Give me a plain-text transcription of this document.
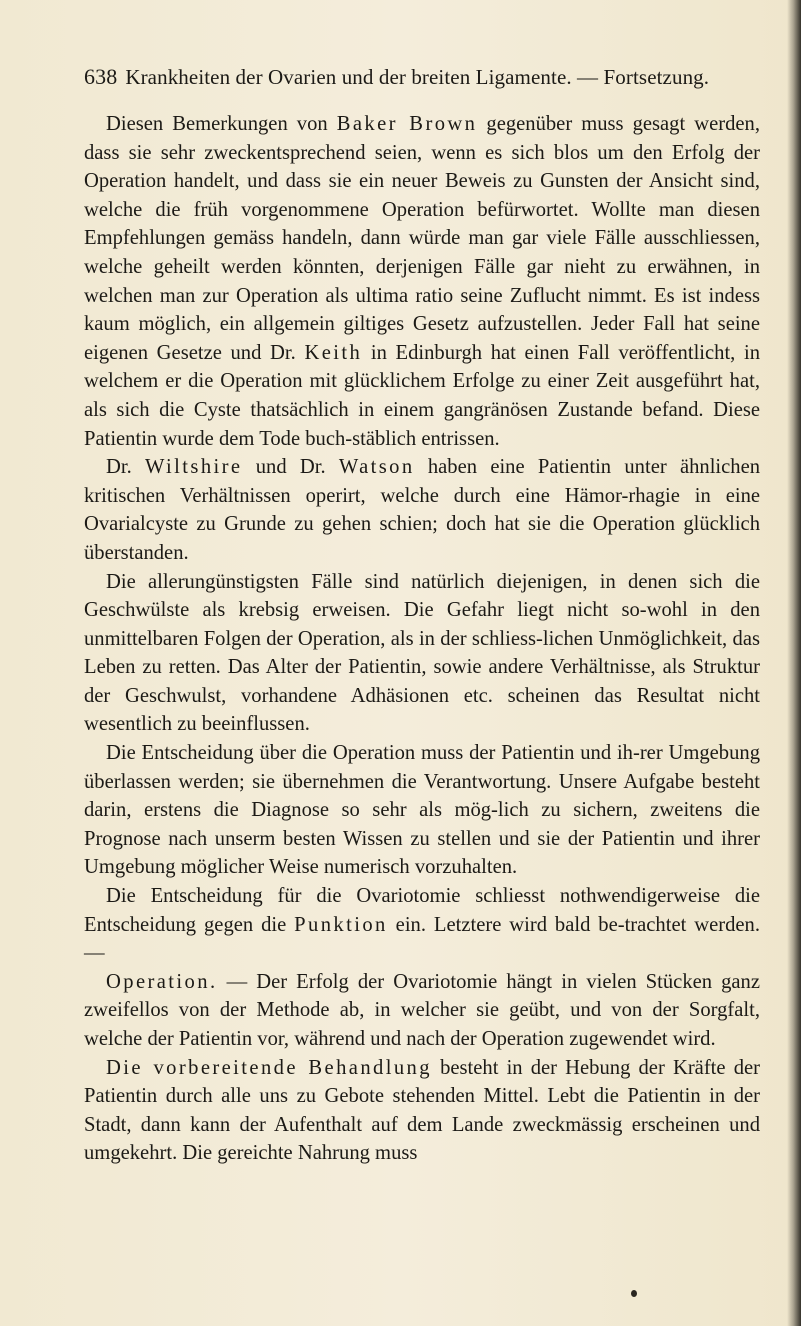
638 Krankheiten der Ovarien und der breiten Ligamente. — Fortsetzung.

Diesen Bemerkungen von Baker Brown gegenüber muss gesagt werden, dass sie sehr zweckentsprechend seien, wenn es sich blos um den Erfolg der Operation handelt, und dass sie ein neuer Beweis zu Gunsten der Ansicht sind, welche die früh vorgenommene Operation befürwortet. Wollte man diesen Empfehlungen gemäss handeln, dann würde man gar viele Fälle ausschliessen, welche geheilt werden könnten, derjenigen Fälle gar nieht zu erwähnen, in welchen man zur Operation als ultima ratio seine Zuflucht nimmt. Es ist indess kaum möglich, ein allgemein giltiges Gesetz aufzustellen. Jeder Fall hat seine eigenen Gesetze und Dr. Keith in Edinburgh hat einen Fall veröffentlicht, in welchem er die Operation mit glücklichem Erfolge zu einer Zeit ausgeführt hat, als sich die Cyste thatsächlich in einem gangränösen Zustande befand. Diese Patientin wurde dem Tode buch-stäblich entrissen.

Dr. Wiltshire und Dr. Watson haben eine Patientin unter ähnlichen kritischen Verhältnissen operirt, welche durch eine Hämor-rhagie in eine Ovarialcyste zu Grunde zu gehen schien; doch hat sie die Operation glücklich überstanden.

Die allerungünstigsten Fälle sind natürlich diejenigen, in denen sich die Geschwülste als krebsig erweisen. Die Gefahr liegt nicht so-wohl in den unmittelbaren Folgen der Operation, als in der schliess-lichen Unmöglichkeit, das Leben zu retten. Das Alter der Patientin, sowie andere Verhältnisse, als Struktur der Geschwulst, vorhandene Adhäsionen etc. scheinen das Resultat nicht wesentlich zu beeinflussen.

Die Entscheidung über die Operation muss der Patientin und ih-rer Umgebung überlassen werden; sie übernehmen die Verantwortung. Unsere Aufgabe besteht darin, erstens die Diagnose so sehr als mög-lich zu sichern, zweitens die Prognose nach unserm besten Wissen zu stellen und sie der Patientin und ihrer Umgebung möglicher Weise numerisch vorzuhalten.

Die Entscheidung für die Ovariotomie schliesst nothwendigerweise die Entscheidung gegen die Punktion ein. Letztere wird bald be-trachtet werden. —

Operation. — Der Erfolg der Ovariotomie hängt in vielen Stücken ganz zweifellos von der Methode ab, in welcher sie geübt, und von der Sorgfalt, welche der Patientin vor, während und nach der Operation zugewendet wird.

Die vorbereitende Behandlung besteht in der Hebung der Kräfte der Patientin durch alle uns zu Gebote stehenden Mittel. Lebt die Patientin in der Stadt, dann kann der Aufenthalt auf dem Lande zweckmässig erscheinen und umgekehrt. Die gereichte Nahrung muss
